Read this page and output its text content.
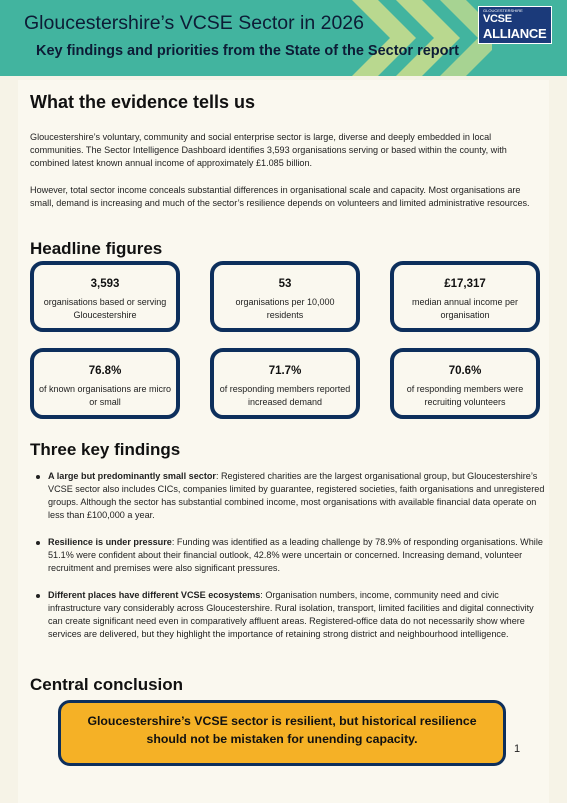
Gloucestershire’s VCSE Sector in 2026
Key findings and priorities from the State of the Sector report
GLOUCESTERSHIRE
VCSE
ALLIANCE
What the evidence tells us

Gloucestershire’s voluntary, community and social enterprise sector is large, diverse and deeply embedded in local communities. The Sector Intelligence Dashboard identifies 3,593 organisations serving or based within the county, with combined latest known annual income of approximately £1.085 billion.

However, total sector income conceals substantial differences in organisational scale and capacity. Most organisations are small, demand is increasing and much of the sector’s resilience depends on volunteers and limited administrative resources.

Headline figures
3,593
organisations based or serving Gloucestershire
53
organisations per 10,000 residents
£17,317
median annual income per organisation
76.8%
of known organisations are micro or small
71.7%
of responding members reported increased demand
70.6%
of responding members were recruiting volunteers
Three key findings
A large but predominantly small sector: Registered charities are the largest organisational group, but Gloucestershire’s VCSE sector also includes CICs, companies limited by guarantee, registered societies, faith organisations and unregistered groups. Although the sector has substantial combined income, most organisations with available financial data operate on less than £100,000 a year.
Resilience is under pressure: Funding was identified as a leading challenge by 78.9% of responding organisations. While 51.1% were confident about their financial outlook, 42.8% were uncertain or concerned. Increasing demand, volunteer recruitment and premises were also significant pressures.
Different places have different VCSE ecosystems: Organisation numbers, income, community need and civic infrastructure vary considerably across Gloucestershire. Rural isolation, transport, limited facilities and digital connectivity can create significant need even in comparatively affluent areas. Registered-office data do not necessarily show where services are delivered, but they highlight the importance of retaining strong district and neighbourhood intelligence.
Central conclusion
Gloucestershire’s VCSE sector is resilient, but historical resilience should not be mistaken for unending capacity.
1
